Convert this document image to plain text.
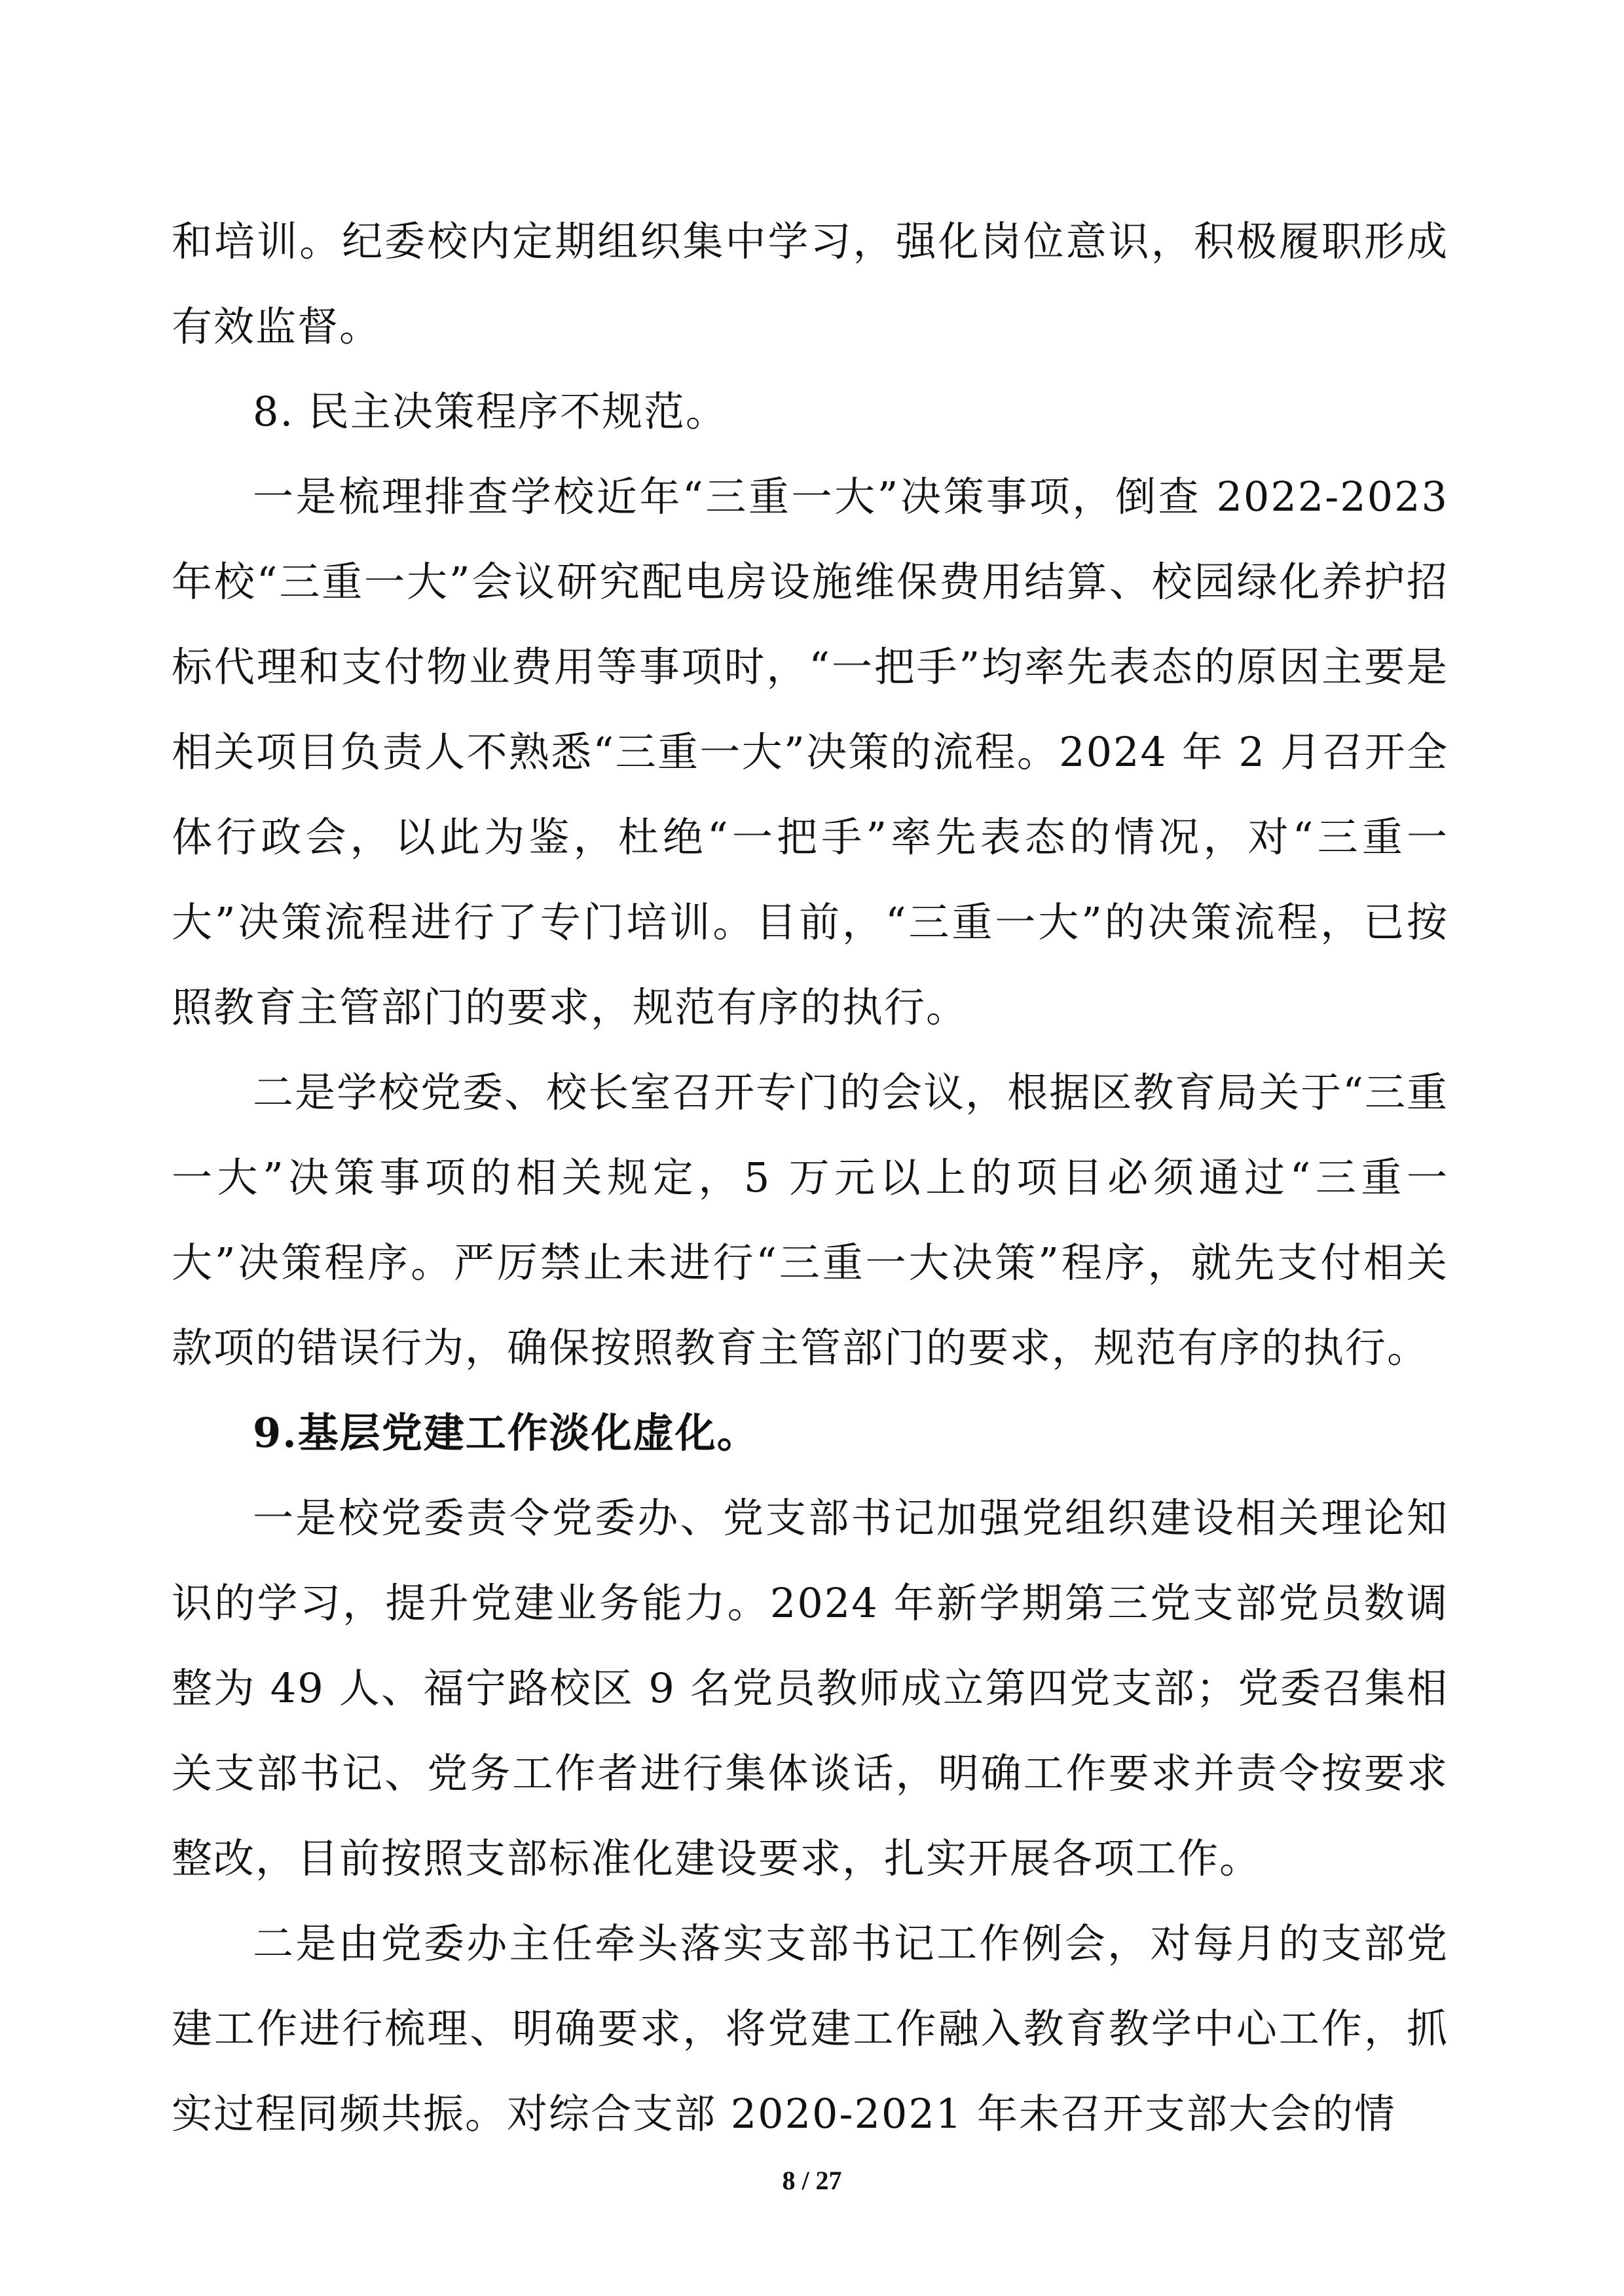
和培训。纪委校内定期组织集中学习，强化岗位意识，积极履职形成有效监督。

8. 民主决策程序不规范。

一是梳理排查学校近年“三重一大”决策事项，倒查 2022-2023 年校“三重一大”会议研究配电房设施维保费用结算、校园绿化养护招标代理和支付物业费用等事项时，“一把手”均率先表态的原因主要是相关项目负责人不熟悉“三重一大”决策的流程。2024 年 2 月召开全体行政会，以此为鉴，杜绝“一把手”率先表态的情况，对“三重一大”决策流程进行了专门培训。目前，“三重一大”的决策流程，已按照教育主管部门的要求，规范有序的执行。

二是学校党委、校长室召开专门的会议，根据区教育局关于“三重一大”决策事项的相关规定，5 万元以上的项目必须通过“三重一大”决策程序。严厉禁止未进行“三重一大决策”程序，就先支付相关款项的错误行为，确保按照教育主管部门的要求，规范有序的执行。

9.基层党建工作淡化虚化。

一是校党委责令党委办、党支部书记加强党组织建设相关理论知识的学习，提升党建业务能力。2024 年新学期第三党支部党员数调整为 49 人、福宁路校区 9 名党员教师成立第四党支部；党委召集相关支部书记、党务工作者进行集体谈话，明确工作要求并责令按要求整改，目前按照支部标准化建设要求，扎实开展各项工作。

二是由党委办主任牵头落实支部书记工作例会，对每月的支部党建工作进行梳理、明确要求，将党建工作融入教育教学中心工作，抓实过程同频共振。对综合支部 2020-2021 年未召开支部大会的情

8 / 27
